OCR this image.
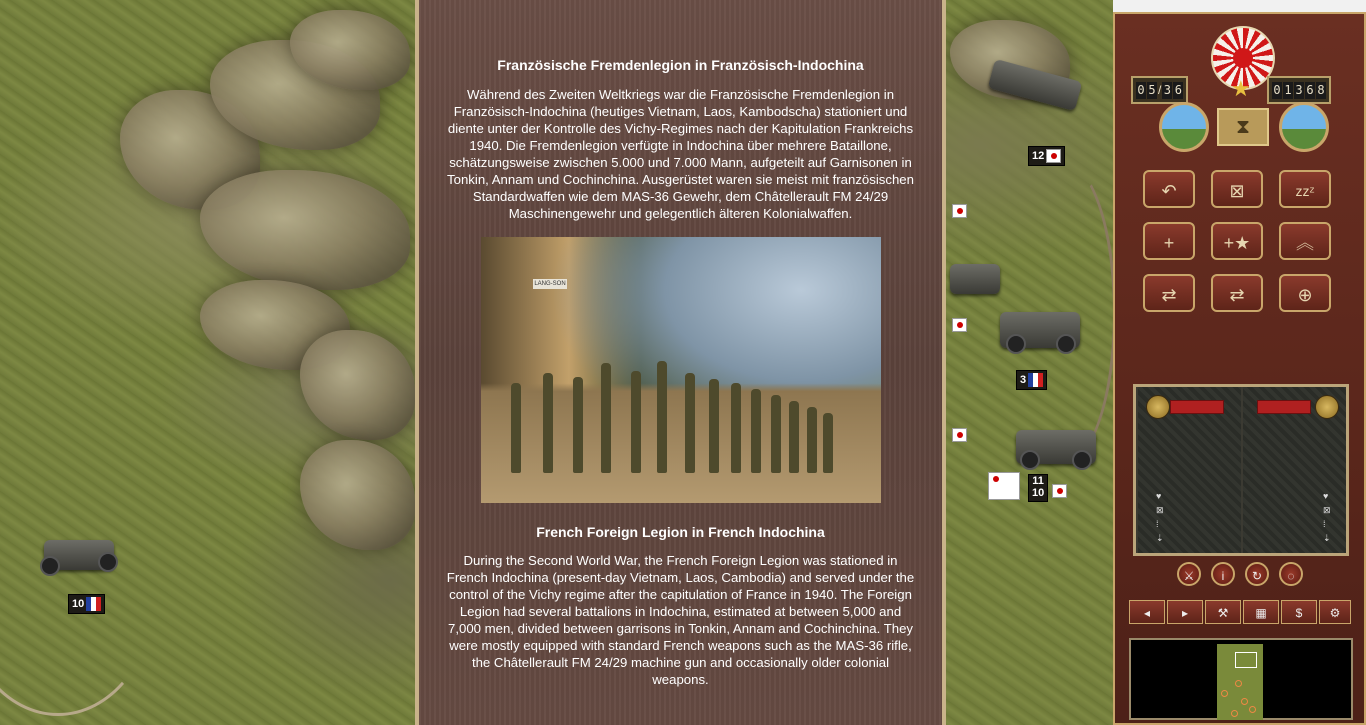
10
12
3
11
10
Französische Fremdenlegion in Französisch-Indochina

Während des Zweiten Weltkriegs war die Französische Fremdenlegion in Französisch-Indochina (heutiges Vietnam, Laos, Kambodscha) stationiert und diente unter der Kontrolle des Vichy-Regimes nach der Kapitulation Frankreichs 1940. Die Fremdenlegion verfügte in Indochina über mehrere Bataillone, schätzungsweise zwischen 5.000 und 7.000 Mann, aufgeteilt auf Garnisonen in Tonkin, Annam und Cochinchina. Ausgerüstet waren sie meist mit französischen Standardwaffen wie dem MAS-36 Gewehr, dem Châtellerault FM 24/29 Maschinengewehr und gelegentlich älteren Kolonialwaffen.

LANG-SON
French Foreign Legion in French Indochina

During the Second World War, the French Foreign Legion was stationed in French Indochina (present-day Vietnam, Laos, Cambodia) and served under the control of the Vichy regime after the capitulation of France in 1940. The Foreign Legion had several battalions in Indochina, estimated at between 5,000 and 7,000 men, divided between garrisons in Tonkin, Annam and Cochinchina. They were mostly equipped with standard French weapons such as the MAS-36 rifle, the Châtellerault FM 24/29 machine gun and occasionally older colonial weapons.

★
0 5 / 3 6	0 1 3 6 8
⧗
↶	⊠	zzᶻ
+	+★	︽
⇄	⇄	⊕
♥
⊠
⁞
⇣
♥
⊠
⁞
⇣
⚔	i	↻	◌
◂	▸	⚒	▦	$	⚙
